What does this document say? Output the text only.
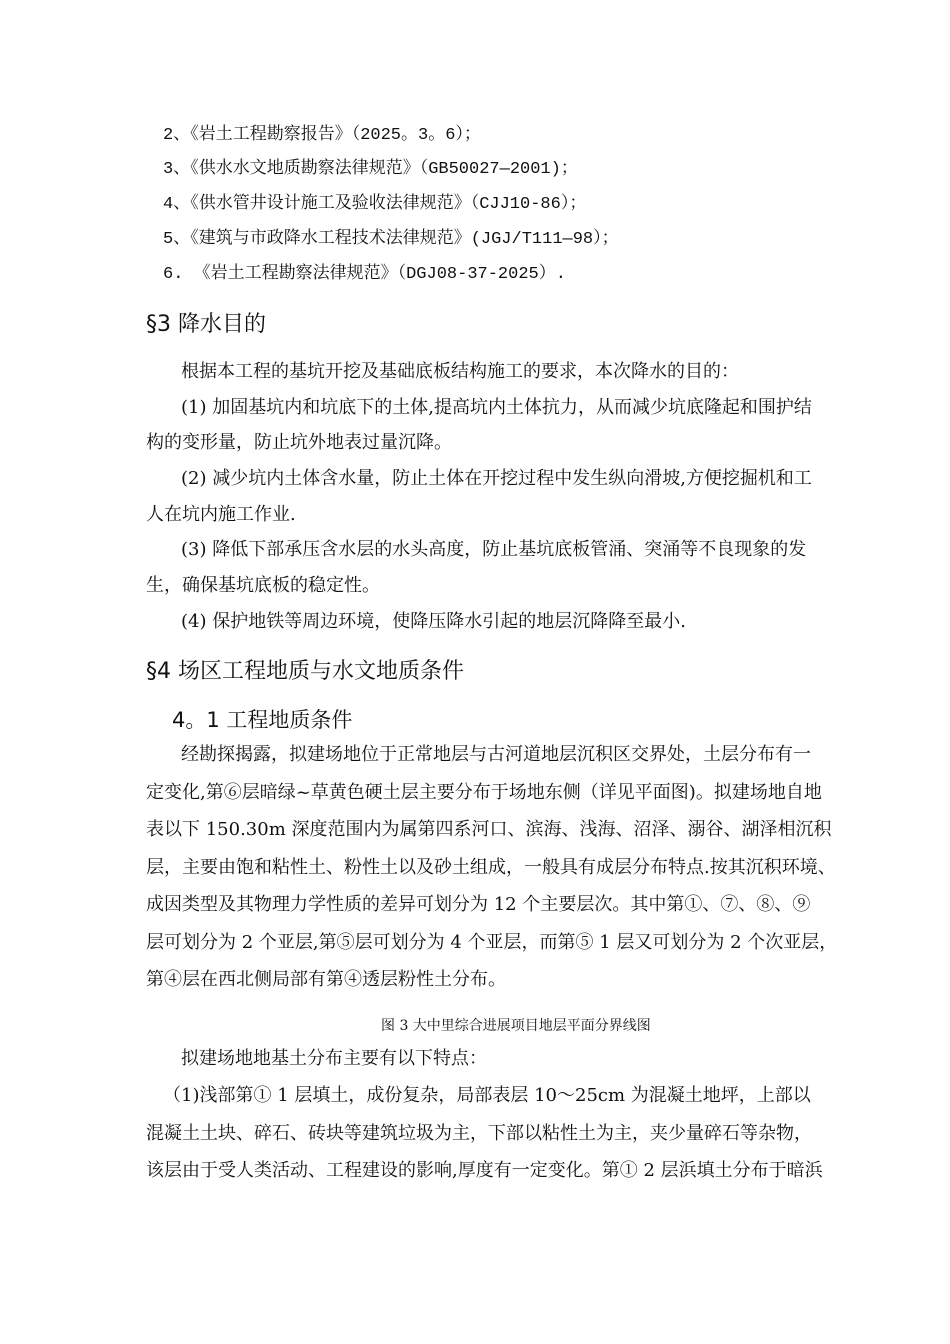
2、《岩土工程勘察报告》（2025。3。6）；
3、《供水水文地质勘察法律规范》（GB50027—2001)；
4、《供水管井设计施工及验收法律规范》（CJJ10-86）；
5、《建筑与市政降水工程技术法律规范》(JGJ/T111—98）；
6. 《岩土工程勘察法律规范》（DGJ08-37-2025）.
§3 降水目的
根据本工程的基坑开挖及基础底板结构施工的要求，本次降水的目的：
(1) 加固基坑内和坑底下的土体,提高坑内土体抗力，从而减少坑底隆起和围护结
构的变形量，防止坑外地表过量沉降。
(2) 减少坑内土体含水量，防止土体在开挖过程中发生纵向滑坡,方便挖掘机和工
人在坑内施工作业.
(3) 降低下部承压含水层的水头高度，防止基坑底板管涌、突涌等不良现象的发
生，确保基坑底板的稳定性。
(4) 保护地铁等周边环境，使降压降水引起的地层沉降降至最小.
§4 场区工程地质与水文地质条件
4。1 工程地质条件
经勘探揭露，拟建场地位于正常地层与古河道地层沉积区交界处，土层分布有一
定变化,第⑥层暗绿~草黄色硬土层主要分布于场地东侧（详见平面图)。拟建场地自地
表以下 150.30m 深度范围内为属第四系河口、滨海、浅海、沼泽、溺谷、湖泽相沉积
层，主要由饱和粘性土、粉性土以及砂土组成，一般具有成层分布特点.按其沉积环境、
成因类型及其物理力学性质的差异可划分为 12 个主要层次。其中第①、⑦、⑧、⑨
层可划分为 2 个亚层,第⑤层可划分为 4 个亚层，而第⑤ 1 层又可划分为 2 个次亚层，
第④层在西北侧局部有第④透层粉性土分布。
图 3 大中里综合进展项目地层平面分界线图
拟建场地地基土分布主要有以下特点：
（1)浅部第① 1 层填土，成份复杂，局部表层 10～25cm 为混凝土地坪，上部以
混凝土土块、碎石、砖块等建筑垃圾为主，下部以粘性土为主，夹少量碎石等杂物，
该层由于受人类活动、工程建设的影响,厚度有一定变化。第① 2 层浜填土分布于暗浜
